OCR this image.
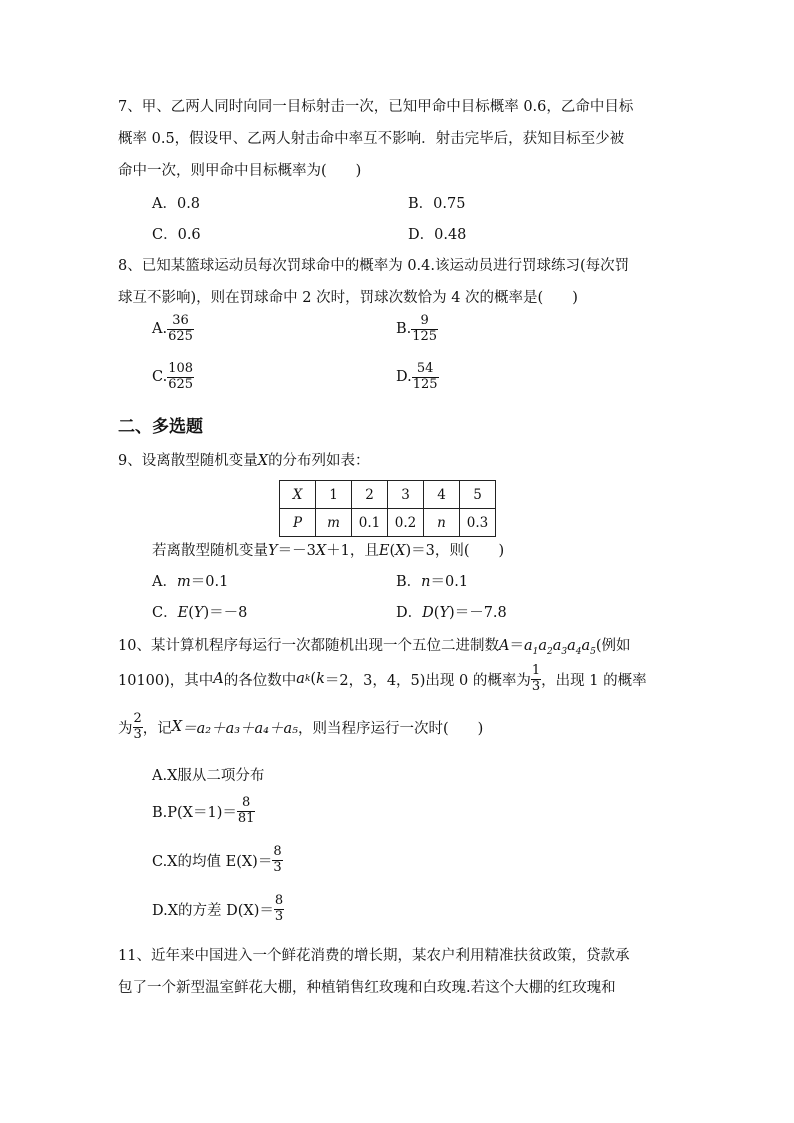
7、甲、乙两人同时向同一目标射击一次，已知甲命中目标概率 0.6，乙命中目标
概率 0.5，假设甲、乙两人射击命中率互不影响．射击完毕后，获知目标至少被
命中一次，则甲命中目标概率为(　　)
A．0.8	B．0.75
C．0.6	D．0.48
8、已知某篮球运动员每次罚球命中的概率为 0.4.该运动员进行罚球练习(每次罚
球互不影响)，则在罚球命中 2 次时，罚球次数恰为 4 次的概率是(　　)
A. $\frac{36}{625}$	B. $\frac{9}{125}$
C. $\frac{108}{625}$	D. $\frac{54}{125}$
二、多选题
9、设离散型随机变量X的分布列如表：
X	1	2	3	4	5
P	m	0.1	0.2	n	0.3
若离散型随机变量Y＝－3X＋1，且E(X)＝3，则(　　)
A．m＝0.1	B．n＝0.1
C．E(Y)＝－8	D．D(Y)＝－7.8
10、某计算机程序每运行一次都随机出现一个五位二进制数$A=a_1a_2a_3a_4a_5$(例如
10100)，其中 A 的各位数中 a k ( k ＝2，3，4，5)出现 0 的概率为 $\frac{1}{3}$ ，出现 1 的概率
为 $\frac{2}{3}$ ，记 X ＝a₂＋a₃＋a₄＋a₅ ，则当程序运行一次时(　　)
A.X服从二项分布
$B.P(X=1)= \frac{8}{81}$
C.X的均值 $E(X)= \frac{8}{3}$
D.X的方差 $D(X)= \frac{8}{3}$
11、近年来中国进入一个鲜花消费的增长期，某农户利用精准扶贫政策，贷款承
包了一个新型温室鲜花大棚，种植销售红玫瑰和白玫瑰.若这个大棚的红玫瑰和
